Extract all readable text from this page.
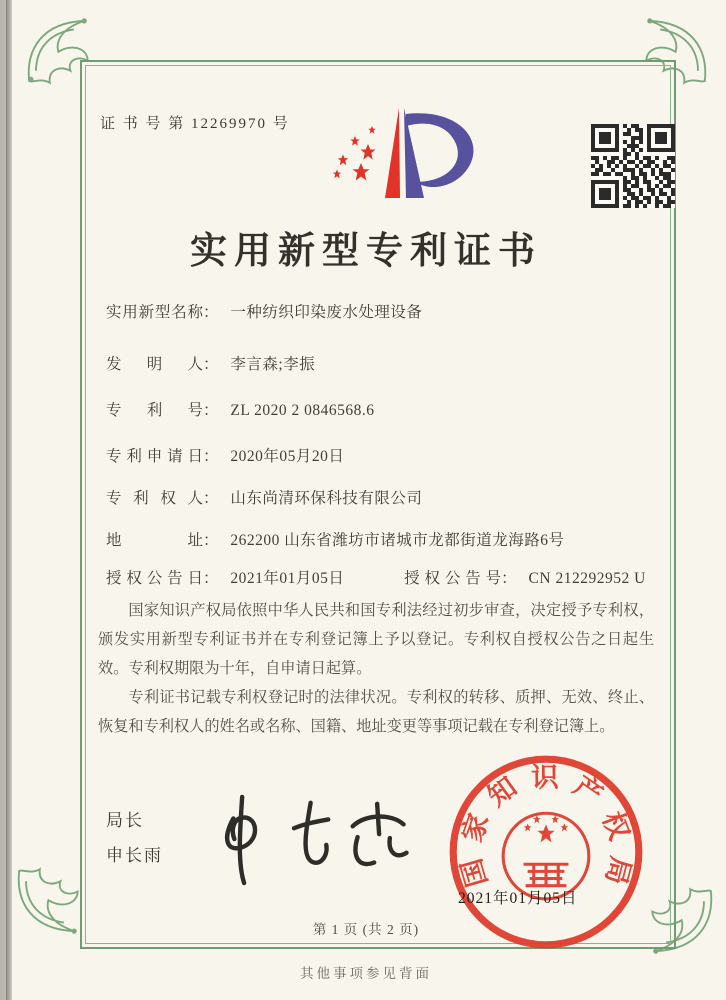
证 书 号 第 12269970 号
实用新型专利证书
实用新型名称： 一种纺织印染废水处理设备
发明人： 李言森;李振
专利号： ZL 2020 2 0846568.6
专利申请日： 2020年05月20日
专利权人： 山东尚清环保科技有限公司
地址： 262200 山东省潍坊市诸城市龙都街道龙海路6号
授权公告日： 2021年01月05日	授权公告号： CN 212292952 U

国家知识产权局依照中华人民共和国专利法经过初步审查，决定授予专利权，颁发实用新型专利证书并在专利登记簿上予以登记。专利权自授权公告之日起生效。专利权期限为十年，自申请日起算。

专利证书记载专利权登记时的法律状况。专利权的转移、质押、无效、终止、恢复和专利权人的姓名或名称、国籍、地址变更等事项记载在专利登记簿上。

局长
申长雨	国家知识产权局
2021年01月05日
第 1 页 (共 2 页)
其他事项参见背面
